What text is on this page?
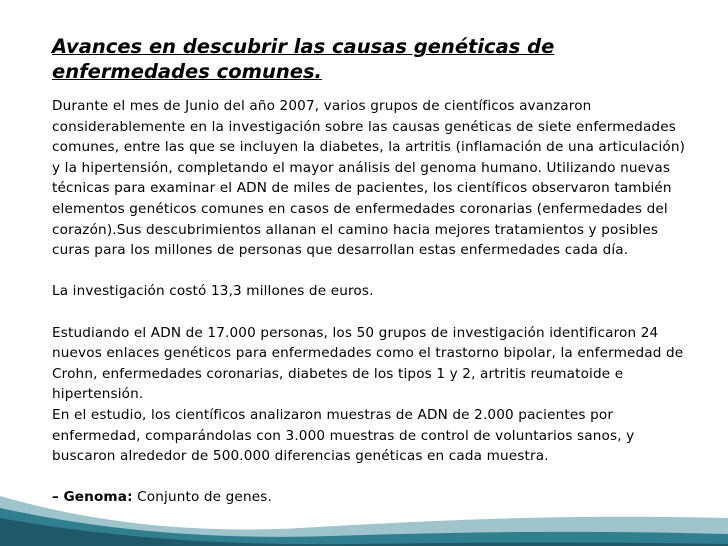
Avances en descubrir las causas genéticas de enfermedades comunes.

Durante el mes de Junio del año 2007, varios grupos de científicos avanzaron considerablemente en la investigación sobre las causas genéticas de siete enfermedades comunes, entre las que se incluyen la diabetes, la artritis (inflamación de una articulación) y la hipertensión, completando el mayor análisis del genoma humano. Utilizando nuevas técnicas para examinar el ADN de miles de pacientes, los científicos observaron también elementos genéticos comunes en casos de enfermedades coronarias (enfermedades del corazón).Sus descubrimientos allanan el camino hacia mejores tratamientos y posibles curas para los millones de personas que desarrollan estas enfermedades cada día.

La investigación costó 13,3 millones de euros.

Estudiando el ADN de 17.000 personas, los 50 grupos de investigación identificaron 24 nuevos enlaces genéticos para enfermedades como el trastorno bipolar, la enfermedad de Crohn, enfermedades coronarias, diabetes de los tipos 1 y 2, artritis reumatoide e hipertensión.

En el estudio, los científicos analizaron muestras de ADN de 2.000 pacientes por enfermedad, comparándolas con 3.000 muestras de control de voluntarios sanos, y buscaron alrededor de 500.000 diferencias genéticas en cada muestra.

– Genoma: Conjunto de genes.
